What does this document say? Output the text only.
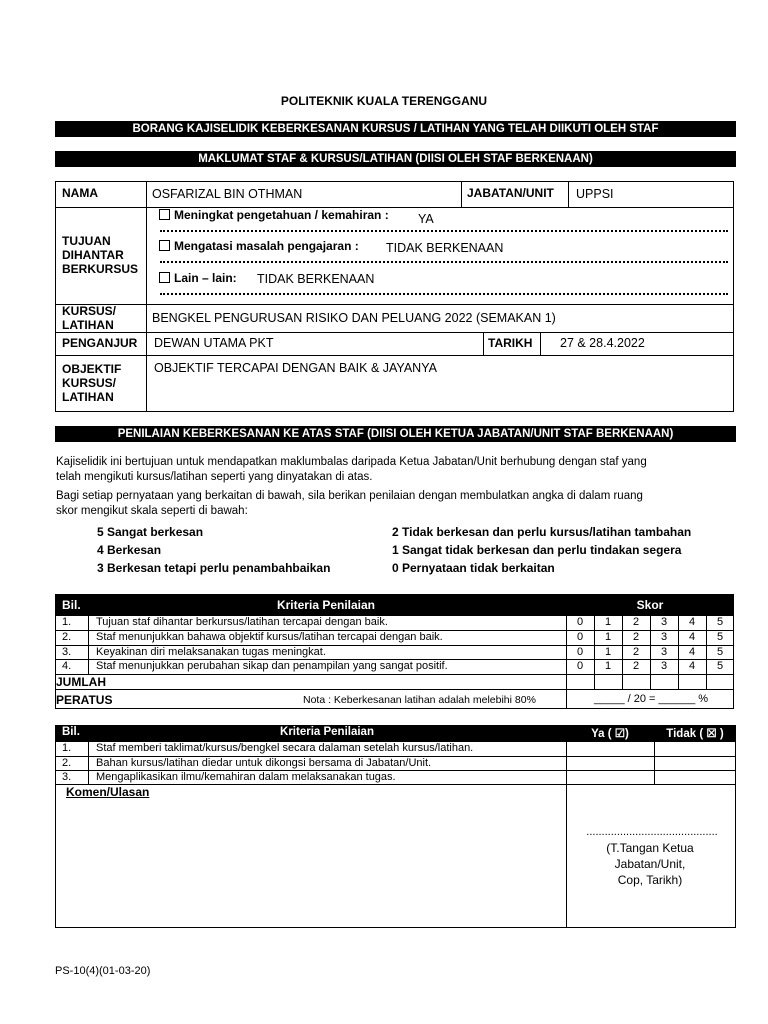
POLITEKNIK KUALA TERENGGANU
BORANG KAJISELIDIK KEBERKESANAN KURSUS / LATIHAN YANG TELAH DIIKUTI OLEH STAF
MAKLUMAT STAF & KURSUS/LATIHAN (DIISI OLEH STAF BERKENAAN)
NAMA	OSFARIZAL BIN OTHMAN	JABATAN/UNIT UPPSI
TUJUAN
DIHANTAR
BERKURSUS
Meningkat pengetahuan / kemahiran : YA
Mengatasi masalah pengajaran : TIDAK BERKENAAN
Lain – lain: TIDAK BERKENAAN
KURSUS/
LATIHAN	BENGKEL PENGURUSAN RISIKO DAN PELUANG 2022 (SEMAKAN 1)
PENGANJUR DEWAN UTAMA PKT	TARIKH 27 & 28.4.2022
OBJEKTIF
KURSUS/
LATIHAN
OBJEKTIF TERCAPAI DENGAN BAIK & JAYANYA
PENILAIAN KEBERKESANAN KE ATAS STAF (DIISI OLEH KETUA JABATAN/UNIT STAF BERKENAAN)
Kajiselidik ini bertujuan untuk mendapatkan maklumbalas daripada Ketua Jabatan/Unit berhubung dengan staf yang
telah mengikuti kursus/latihan seperti yang dinyatakan di atas.
Bagi setiap pernyataan yang berkaitan di bawah, sila berikan penilaian dengan membulatkan angka di dalam ruang
skor mengikut skala seperti di bawah:
5 Sangat berkesan
4 Berkesan
3 Berkesan tetapi perlu penambahbaikan
2 Tidak berkesan dan perlu kursus/latihan tambahan
1 Sangat tidak berkesan dan perlu tindakan segera
0 Pernyataan tidak berkaitan
Bil.	Kriteria Penilaian	Skor
1. Tujuan staf dihantar berkursus/latihan tercapai dengan baik.	0	1	2	3	4	5
2. Staf menunjukkan bahawa objektif kursus/latihan tercapai dengan baik.	0	1	2	3	4	5
3. Keyakinan diri melaksanakan tugas meningkat.	0	1	2	3	4	5
4. Staf menunjukkan perubahan sikap dan penampilan yang sangat positif.	0	1	2	3	4	5
JUMLAH
PERATUS	Nota : Keberkesanan latihan adalah melebihi 80%	_____ / 20 = ______ %
Bil.	Kriteria Penilaian	Ya ( ☑)	Tidak ( ☒ )
1. Staf memberi taklimat/kursus/bengkel secara dalaman setelah kursus/latihan.
2. Bahan kursus/latihan diedar untuk dikongsi bersama di Jabatan/Unit.
3. Mengaplikasikan ilmu/kemahiran dalam melaksanakan tugas.
Komen/Ulasan
...........................................
(T.Tangan Ketua
Jabatan/Unit,
Cop, Tarikh)
PS-10(4)(01-03-20)
